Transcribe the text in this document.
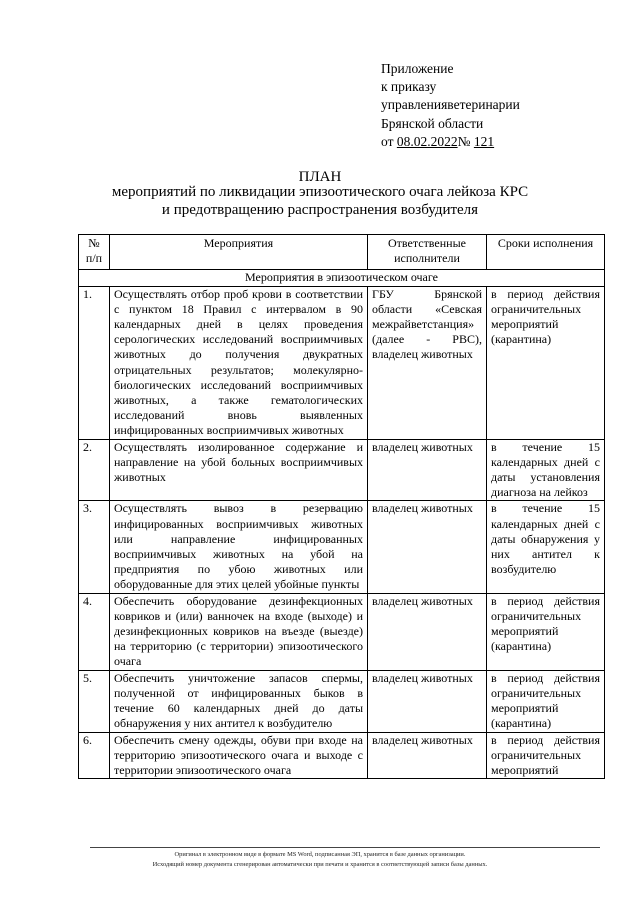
Приложение
к приказу
управленияветеринарии
Брянской области
от 08.02.2022№ 121
ПЛАН
мероприятий по ликвидации эпизоотического очага лейкоза КРС
и предотвращению распространения возбудителя
№ п/п	Мероприятия	Ответственные исполнители	Сроки исполнения
Мероприятия в эпизоотическом очаге			
1.	Осуществлять отбор проб крови в соответствии с пунктом 18 Правил с интервалом в 90 календарных дней в целях проведения серологических исследований восприимчивых животных до получения двукратных отрицательных результатов; молекулярно-биологических исследований восприимчивых животных, а также гематологических исследований вновь выявленных инфицированных восприимчивых животных	ГБУ Брянской области «Севская межрайветстанция» (далее - РВС), владелец животных	в период действия ограничительных мероприятий (карантина)
2.	Осуществлять изолированное содержание и направление на убой больных восприимчивых животных	владелец животных	в течение 15 календарных дней с даты установления диагноза на лейкоз
3.	Осуществлять вывоз в резервацию инфицированных восприимчивых животных или направление инфицированных восприимчивых животных на убой на предприятия по убою животных или оборудованные для этих целей убойные пункты	владелец животных	в течение 15 календарных дней с даты обнаружения у них антител к возбудителю
4.	Обеспечить оборудование дезинфекционных ковриков и (или) ванночек на входе (выходе) и дезинфекционных ковриков на въезде (выезде) на территорию (с территории) эпизоотического очага	владелец животных	в период действия ограничительных мероприятий (карантина)
5.	Обеспечить уничтожение запасов спермы, полученной от инфицированных быков в течение 60 календарных дней до даты обнаружения у них антител к возбудителю	владелец животных	в период действия ограничительных мероприятий (карантина)
6.	Обеспечить смену одежды, обуви при входе на территорию эпизоотического очага и выходе с территории эпизоотического очага	владелец животных	в период действия ограничительных мероприятий
Оригинал в электронном виде в формате MS Word, подписанная ЭП, хранится в базе данных организации.
Исходящий номер документа сгенерирован автоматически при печати и хранится в соответствующей записи базы данных.
